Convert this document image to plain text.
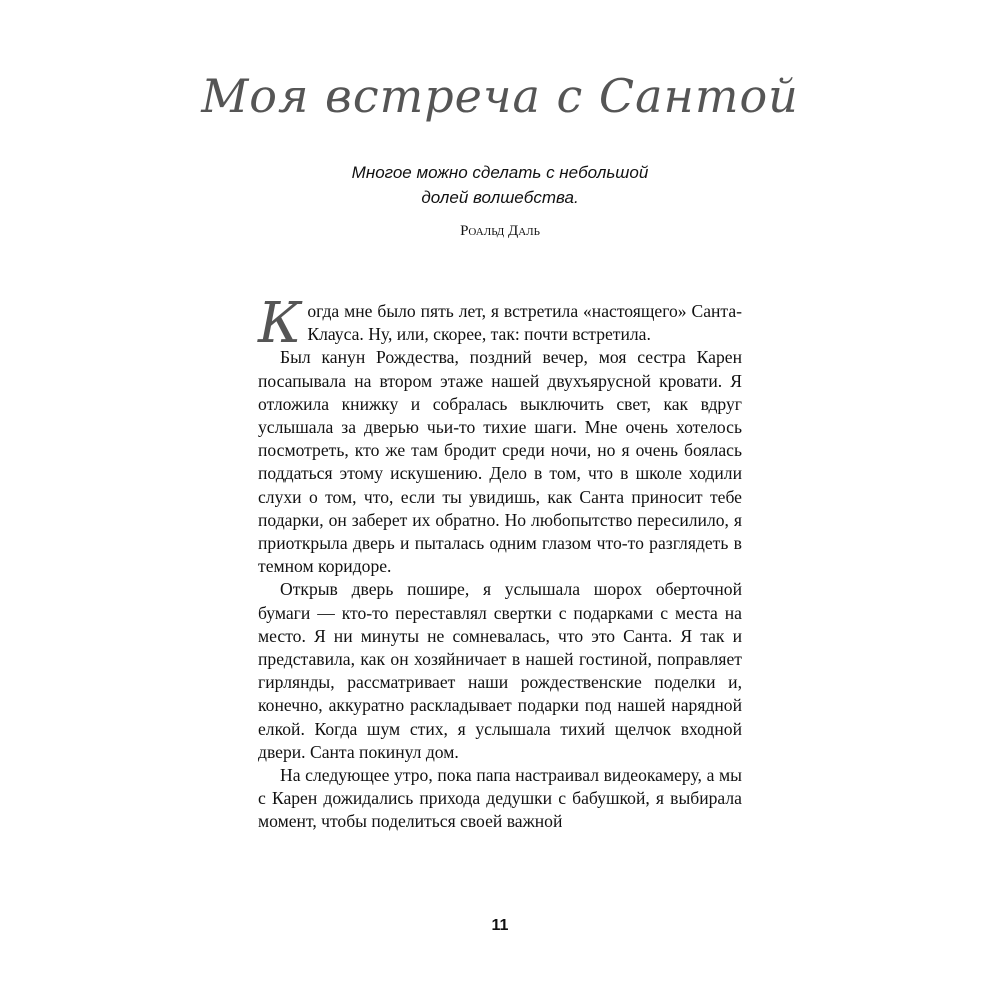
Моя встреча с Сантой
Многое можно сделать с небольшой
долей волшебства.
Роальд Даль

Когда мне было пять лет, я встретила «настоящего» Санта-Клауса. Ну, или, скорее, так: почти встретила.

Был канун Рождества, поздний вечер, моя сестра Карен посапывала на втором этаже нашей двухъярусной кровати. Я отложила книжку и собралась выключить свет, как вдруг услышала за дверью чьи-то тихие шаги. Мне очень хотелось посмотреть, кто же там бродит среди ночи, но я очень боялась поддаться этому искушению. Дело в том, что в школе ходили слухи о том, что, если ты увидишь, как Санта приносит тебе подарки, он заберет их обратно. Но любопытство пересилило, я приоткрыла дверь и пыталась одним глазом что-то разглядеть в темном коридоре.

Открыв дверь пошире, я услышала шорох оберточной бумаги — кто-то переставлял свертки с подарками с места на место. Я ни минуты не сомневалась, что это Санта. Я так и представила, как он хозяйничает в нашей гостиной, поправляет гирлянды, рассматривает наши рождественские поделки и, конечно, аккуратно раскладывает подарки под нашей нарядной елкой. Когда шум стих, я услышала тихий щелчок входной двери. Санта покинул дом.

На следующее утро, пока папа настраивал видеокамеру, а мы с Карен дожидались прихода дедушки с бабушкой, я выбирала момент, чтобы поделиться своей важной

11
